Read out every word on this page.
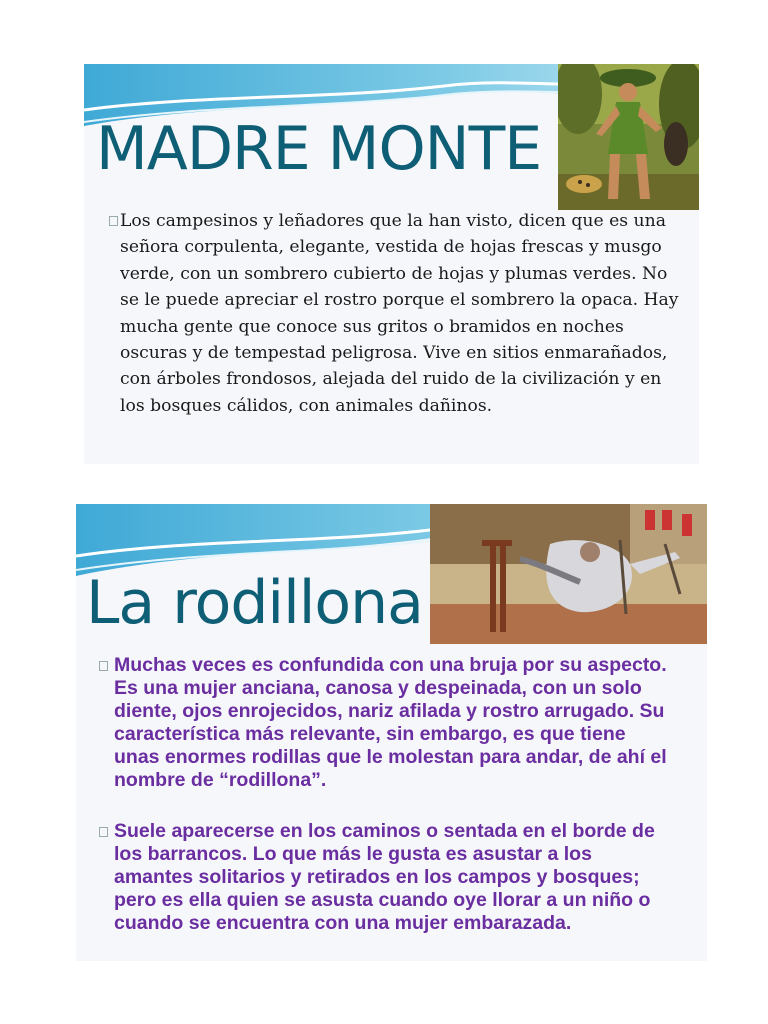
MADRE MONTE

Los campesinos y leñadores que la han visto, dicen que es una señora corpulenta, elegante, vestida de hojas frescas y musgo verde, con un sombrero cubierto de hojas y plumas verdes. No se le puede apreciar el rostro porque el sombrero la opaca. Hay mucha gente que conoce sus gritos o bramidos en noches oscuras y de tempestad peligrosa. Vive en sitios enmarañados, con árboles frondosos, alejada del ruido de la civilización y en los bosques cálidos, con animales dañinos.

La rodillona

Muchas veces es confundida con una bruja por su aspecto. Es una mujer anciana, canosa y despeinada, con un solo diente, ojos enrojecidos, nariz afilada y rostro arrugado. Su característica más relevante, sin embargo, es que tiene unas enormes rodillas que le molestan para andar, de ahí el nombre de “rodillona”.

Suele aparecerse en los caminos o sentada en el borde de los barrancos. Lo que más le gusta es asustar a los amantes solitarios y retirados en los campos y bosques; pero es ella quien se asusta cuando oye llorar a un niño o cuando se encuentra con una mujer embarazada.
